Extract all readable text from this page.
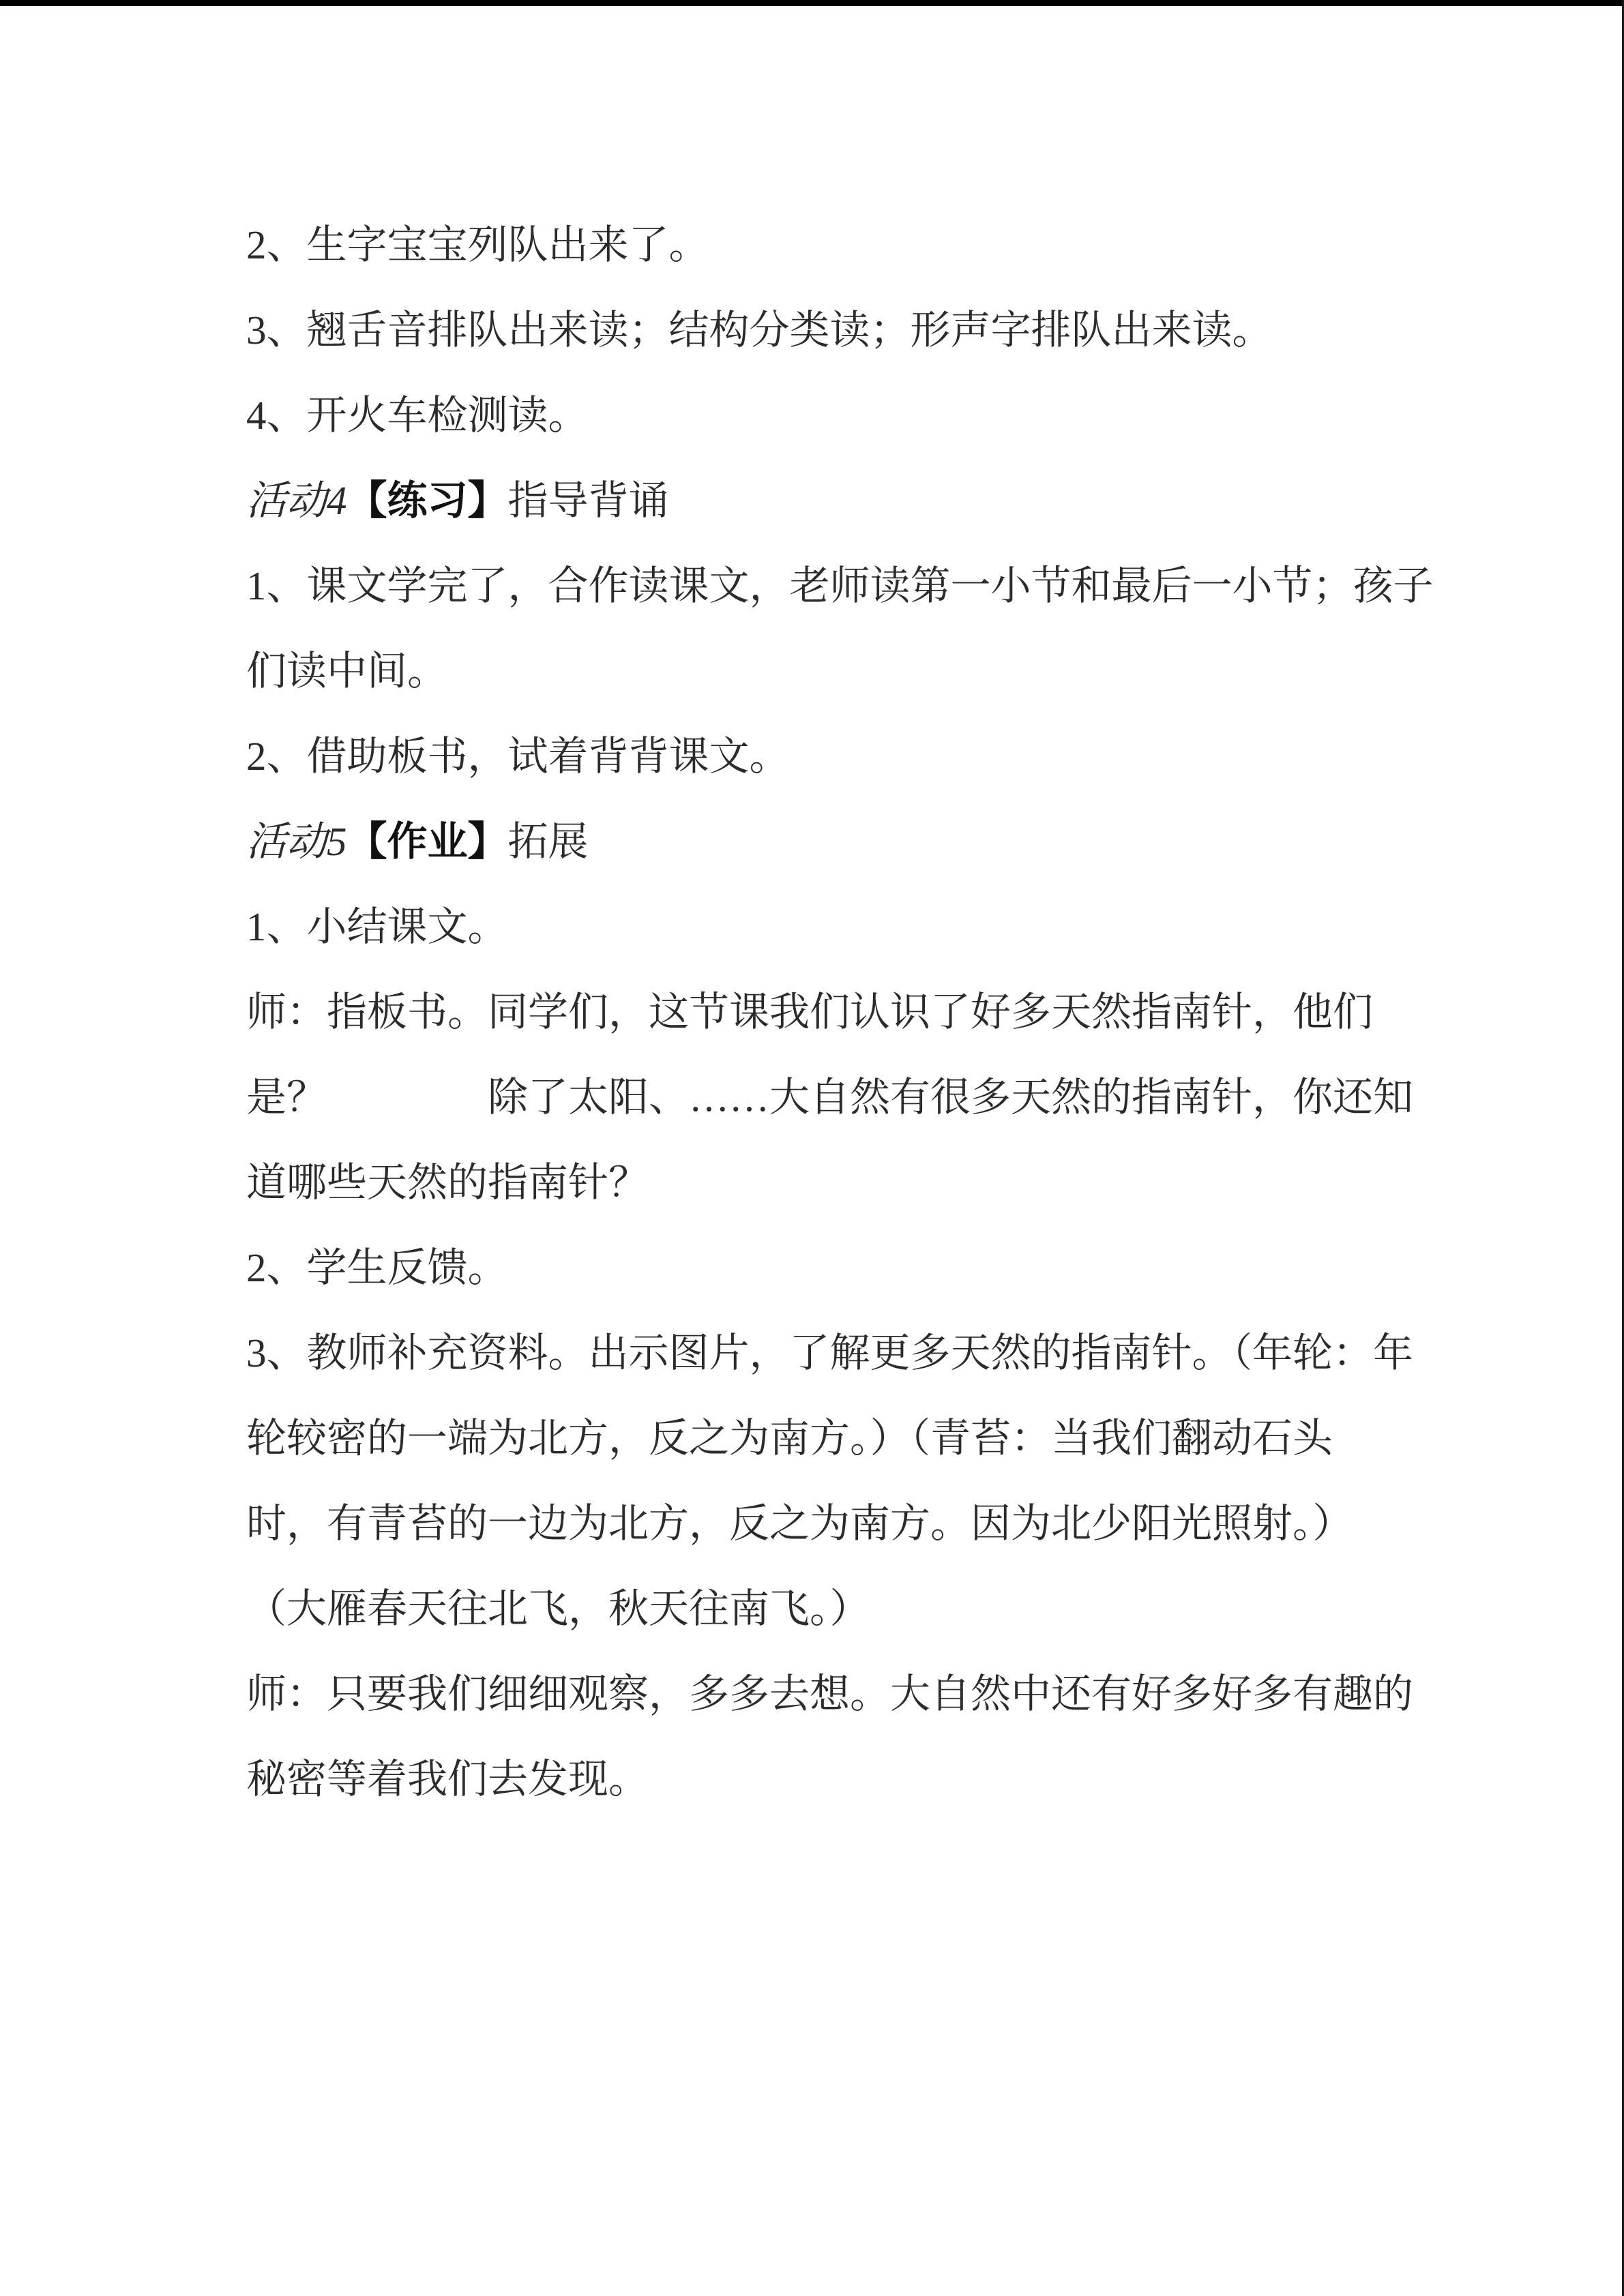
2、生字宝宝列队出来了。
3、翘舌音排队出来读；结构分类读；形声字排队出来读。
4、开火车检测读。
活动4【练习】指导背诵
1、课文学完了，合作读课文，老师读第一小节和最后一小节；孩子
们读中间。
2、借助板书，试着背背课文。
活动5【作业】拓展
1、小结课文。
师：指板书。同学们，这节课我们认识了好多天然指南针，他们
是？　　　　除了太阳、……大自然有很多天然的指南针，你还知
道哪些天然的指南针？
2、学生反馈。
3、教师补充资料。出示图片，了解更多天然的指南针。（年轮：年
轮较密的一端为北方，反之为南方。）（青苔：当我们翻动石头
时，有青苔的一边为北方，反之为南方。因为北少阳光照射。）
（大雁春天往北飞，秋天往南飞。）
师：只要我们细细观察，多多去想。大自然中还有好多好多有趣的
秘密等着我们去发现。
